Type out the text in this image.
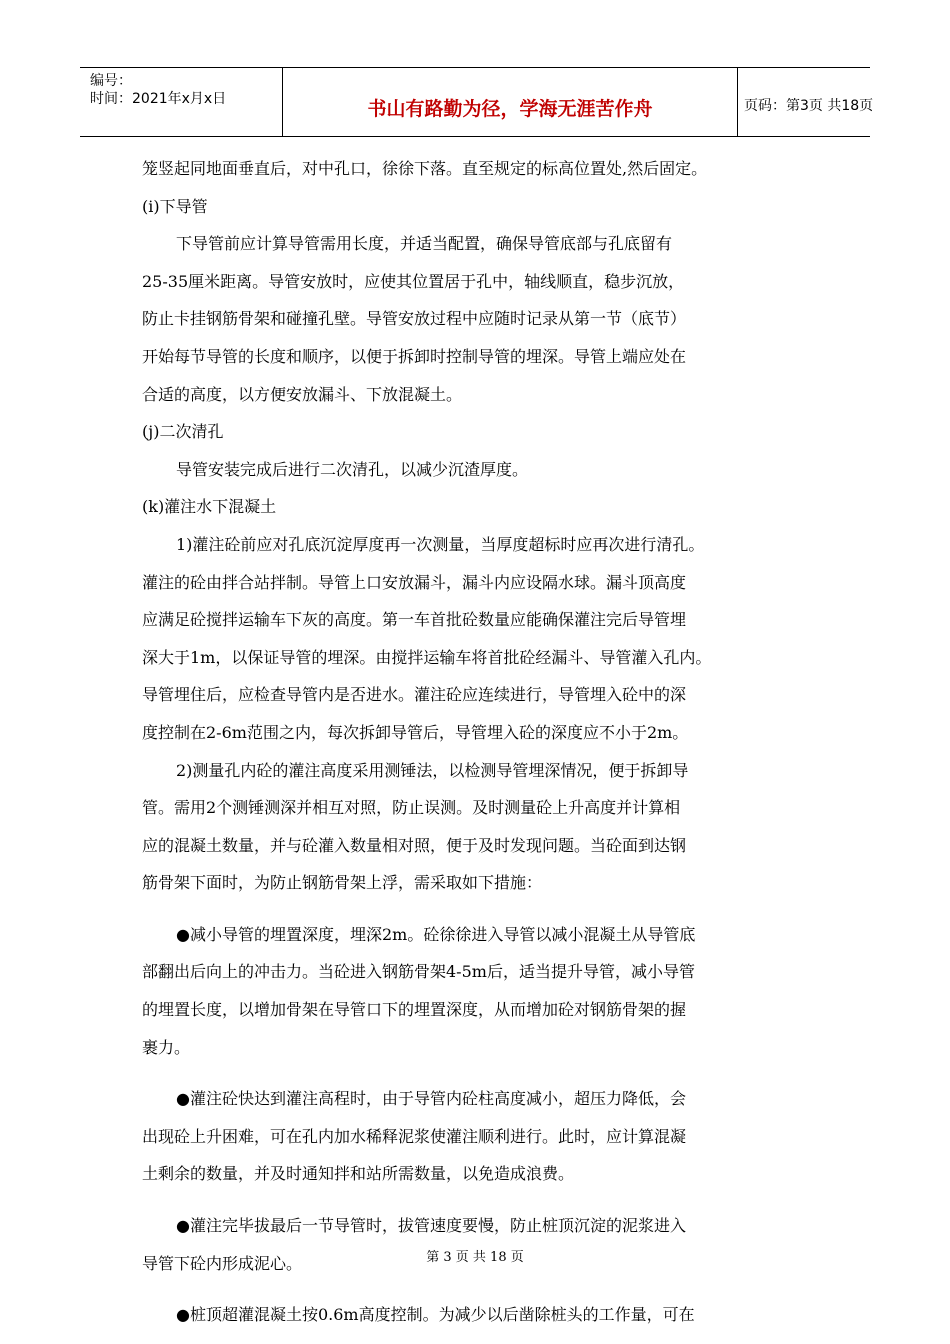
编号：
时间：2021年x月x日	书山有路勤为径，学海无涯苦作舟	页码：第3页 共18页
笼竖起同地面垂直后，对中孔口，徐徐下落。直至规定的标高位置处,然后固定。
(i)下导管
下导管前应计算导管需用长度，并适当配置，确保导管底部与孔底留有
25-35厘米距离。导管安放时，应使其位置居于孔中，轴线顺直，稳步沉放，
防止卡挂钢筋骨架和碰撞孔壁。导管安放过程中应随时记录从第一节（底节）
开始每节导管的长度和顺序，以便于拆卸时控制导管的埋深。导管上端应处在
合适的高度，以方便安放漏斗、下放混凝土。
(j)二次清孔
导管安装完成后进行二次清孔，以减少沉渣厚度。
(k)灌注水下混凝土
1)灌注砼前应对孔底沉淀厚度再一次测量，当厚度超标时应再次进行清孔。
灌注的砼由拌合站拌制。导管上口安放漏斗，漏斗内应设隔水球。漏斗顶高度
应满足砼搅拌运输车下灰的高度。第一车首批砼数量应能确保灌注完后导管埋
深大于1m，以保证导管的埋深。由搅拌运输车将首批砼经漏斗、导管灌入孔内。
导管埋住后，应检查导管内是否进水。灌注砼应连续进行，导管埋入砼中的深
度控制在2-6m范围之内，每次拆卸导管后，导管埋入砼的深度应不小于2m。
2)测量孔内砼的灌注高度采用测锤法，以检测导管埋深情况，便于拆卸导
管。需用2个测锤测深并相互对照，防止误测。及时测量砼上升高度并计算相
应的混凝土数量，并与砼灌入数量相对照，便于及时发现问题。当砼面到达钢
筋骨架下面时，为防止钢筋骨架上浮，需采取如下措施：
●减小导管的埋置深度，埋深2m。砼徐徐进入导管以减小混凝土从导管底
部翻出后向上的冲击力。当砼进入钢筋骨架4-5m后，适当提升导管，减小导管
的埋置长度，以增加骨架在导管口下的埋置深度，从而增加砼对钢筋骨架的握
裹力。
●灌注砼快达到灌注高程时，由于导管内砼柱高度减小，超压力降低，会
出现砼上升困难，可在孔内加水稀释泥浆使灌注顺利进行。此时，应计算混凝
土剩余的数量，并及时通知拌和站所需数量，以免造成浪费。
●灌注完毕拔最后一节导管时，拔管速度要慢，防止桩顶沉淀的泥浆进入
导管下砼内形成泥心。
●桩顶超灌混凝土按0.6m高度控制。为减少以后凿除桩头的工作量，可在
第 3 页 共 18 页
